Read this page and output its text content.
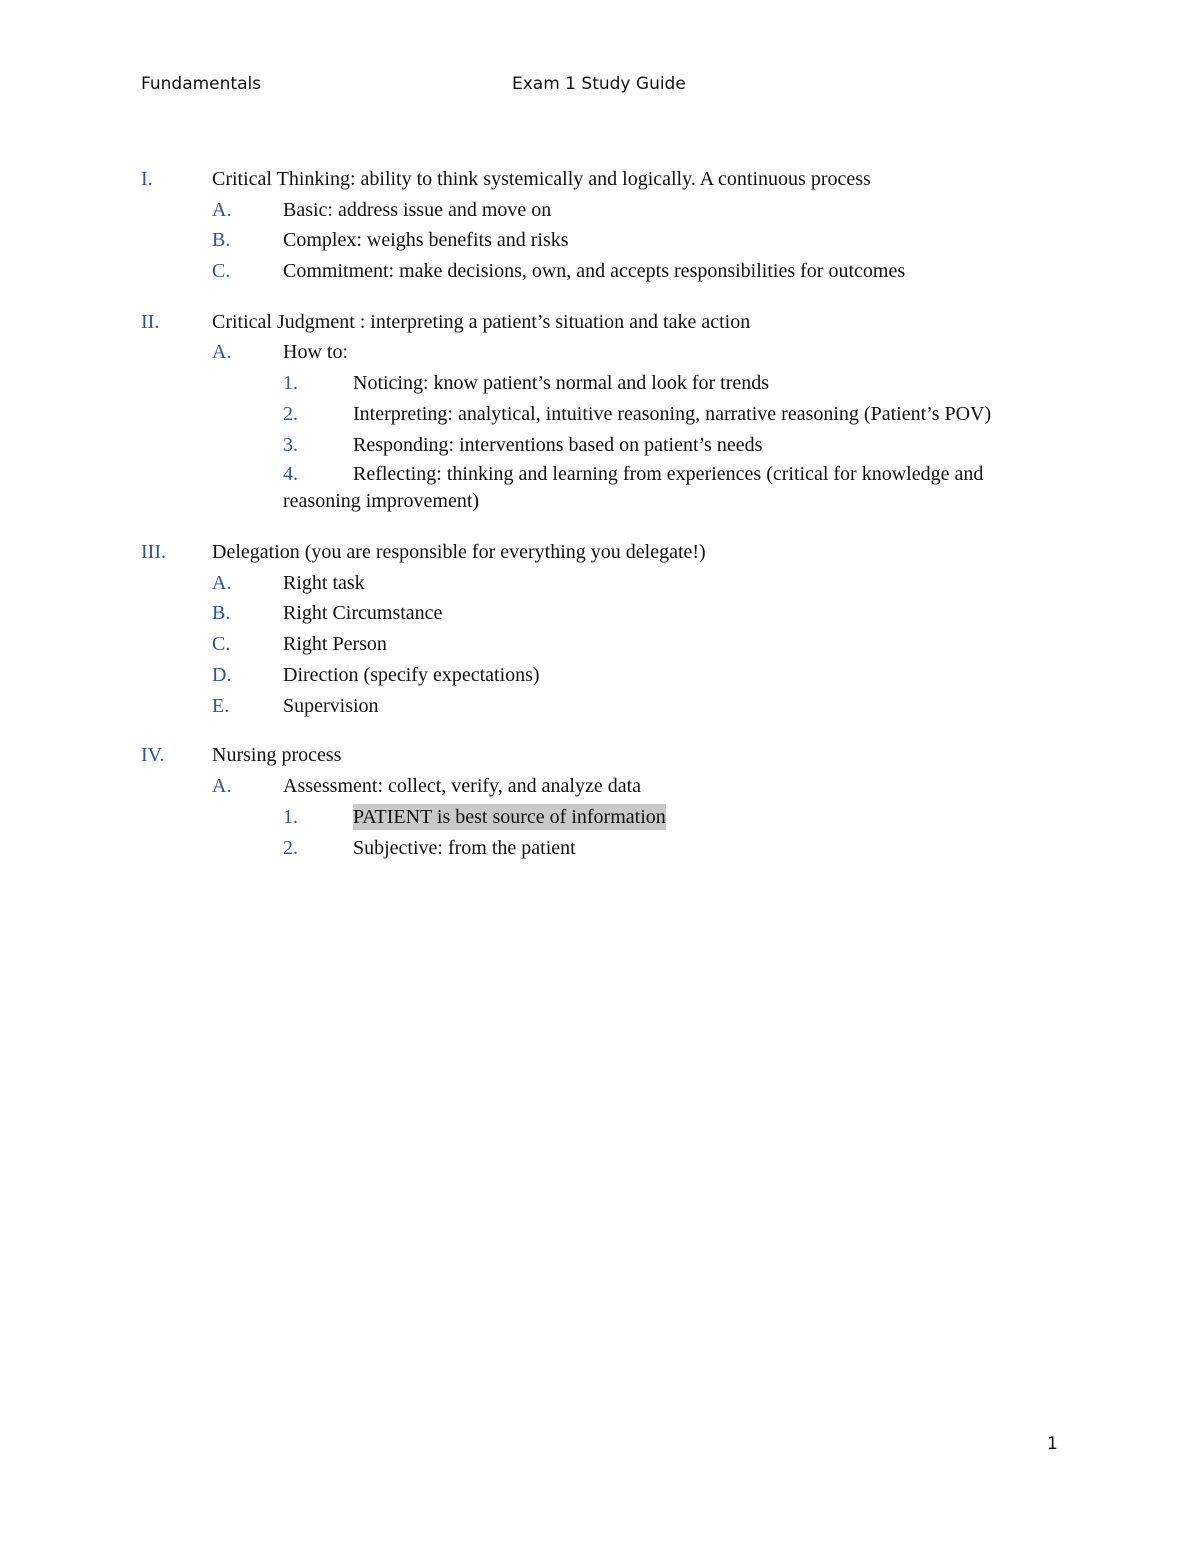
Fundamentals	Exam 1 Study Guide
I.	Critical Thinking: ability to think systemically and logically. A continuous process
A.	Basic: address issue and move on
B.	Complex: weighs benefits and risks
C.	Commitment: make decisions, own, and accepts responsibilities for outcomes
II.	Critical Judgment : interpreting a patient’s situation and take action
A.	How to:
1.	Noticing: know patient’s normal and look for trends
2.	Interpreting: analytical, intuitive reasoning, narrative reasoning (Patient’s POV)
3.	Responding: interventions based on patient’s needs
4.	Reflecting: thinking and learning from experiences (critical for knowledge and
reasoning improvement)
III. Delegation (you are responsible for everything you delegate!)
A.	Right task
B.	Right Circumstance
C.	Right Person
D.	Direction (specify expectations)
E.	Supervision
IV. Nursing process
A.	Assessment: collect, verify, and analyze data
1.	PATIENT is best source of information
2.	Subjective: from the patient
1
